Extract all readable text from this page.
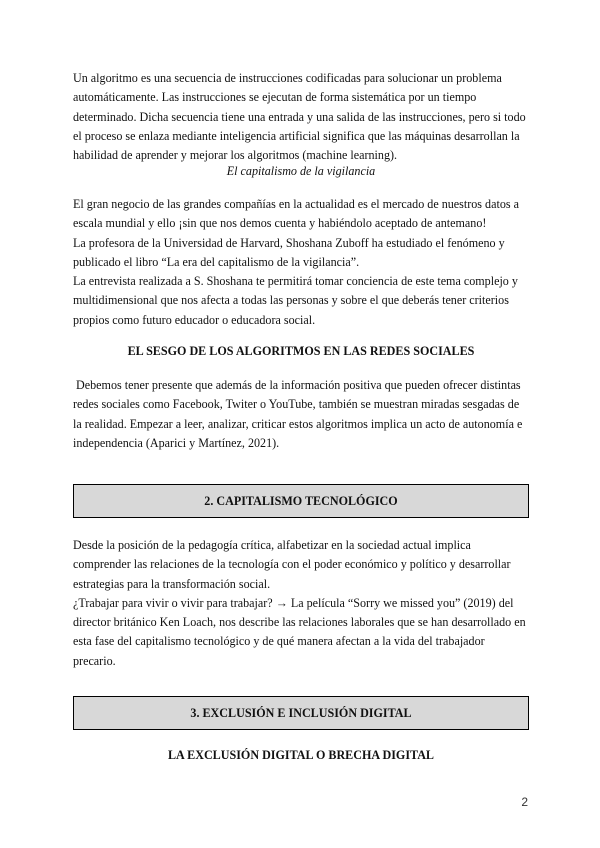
Un algoritmo es una secuencia de instrucciones codificadas para solucionar un problema
automáticamente. Las instrucciones se ejecutan de forma sistemática por un tiempo
determinado. Dicha secuencia tiene una entrada y una salida de las instrucciones, pero si todo
el proceso se enlaza mediante inteligencia artificial significa que las máquinas desarrollan la
habilidad de aprender y mejorar los algoritmos (machine learning).
El capitalismo de la vigilancia
El gran negocio de las grandes compañías en la actualidad es el mercado de nuestros datos a
escala mundial y ello ¡sin que nos demos cuenta y habiéndolo aceptado de antemano!
La profesora de la Universidad de Harvard, Shoshana Zuboff ha estudiado el fenómeno y
publicado el libro “La era del capitalismo de la vigilancia”.
La entrevista realizada a S. Shoshana te permitirá tomar conciencia de este tema complejo y
multidimensional que nos afecta a todas las personas y sobre el que deberás tener criterios
propios como futuro educador o educadora social.
EL SESGO DE LOS ALGORITMOS EN LAS REDES SOCIALES
Debemos tener presente que además de la información positiva que pueden ofrecer distintas
redes sociales como Facebook, Twiter o YouTube, también se muestran miradas sesgadas de
la realidad. Empezar a leer, analizar, criticar estos algoritmos implica un acto de autonomía e
independencia (Aparici y Martínez, 2021).
2. CAPITALISMO TECNOLÓGICO
Desde la posición de la pedagogía crítica, alfabetizar en la sociedad actual implica
comprender las relaciones de la tecnología con el poder económico y político y desarrollar
estrategias para la transformación social.
¿Trabajar para vivir o vivir para trabajar? → La película “Sorry we missed you” (2019) del
director británico Ken Loach, nos describe las relaciones laborales que se han desarrollado en
esta fase del capitalismo tecnológico y de qué manera afectan a la vida del trabajador
precario.
3. EXCLUSIÓN E INCLUSIÓN DIGITAL
LA EXCLUSIÓN DIGITAL O BRECHA DIGITAL
2
